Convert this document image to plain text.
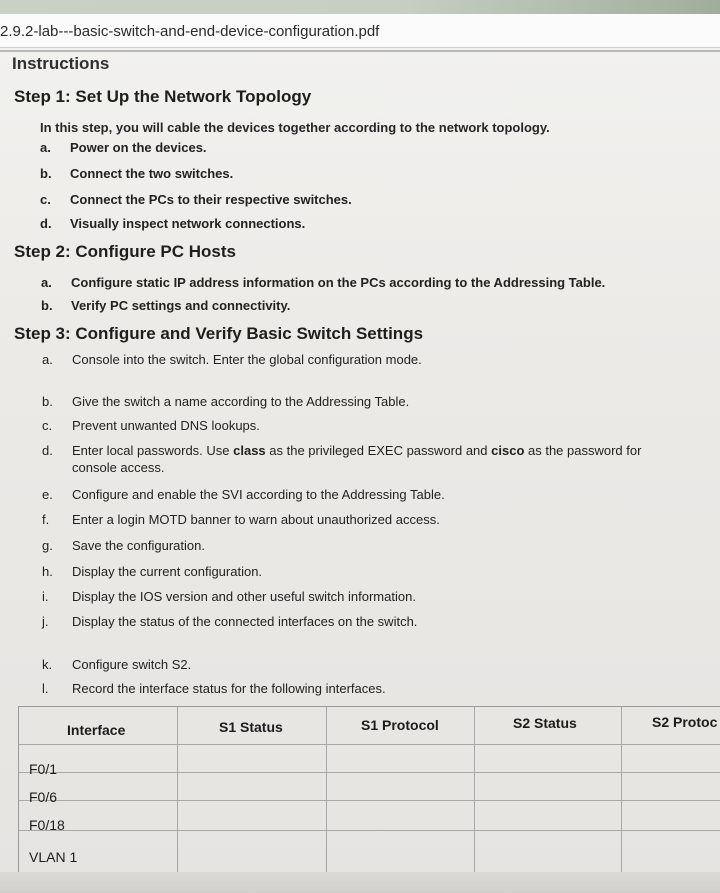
2.9.2-lab---basic-switch-and-end-device-configuration.pdf
Instructions
Step 1: Set Up the Network Topology
In this step, you will cable the devices together according to the network topology.
a. Power on the devices.
b. Connect the two switches.
c. Connect the PCs to their respective switches.
d. Visually inspect network connections.
Step 2: Configure PC Hosts
a. Configure static IP address information on the PCs according to the Addressing Table.
b. Verify PC settings and connectivity.
Step 3: Configure and Verify Basic Switch Settings
a. Console into the switch. Enter the global configuration mode.
b. Give the switch a name according to the Addressing Table.
c. Prevent unwanted DNS lookups.
d. Enter local passwords. Use class as the privileged EXEC password and cisco as the password for
console access.
e. Configure and enable the SVI according to the Addressing Table.
f. Enter a login MOTD banner to warn about unauthorized access.
g. Save the configuration.
h. Display the current configuration.
i. Display the IOS version and other useful switch information.
j. Display the status of the connected interfaces on the switch.
k. Configure switch S2.
l. Record the interface status for the following interfaces.
Interface	S1 Status	S1 Protocol	S2 Status	S2 Protoc
F0/1
F0/6
F0/18
VLAN 1
